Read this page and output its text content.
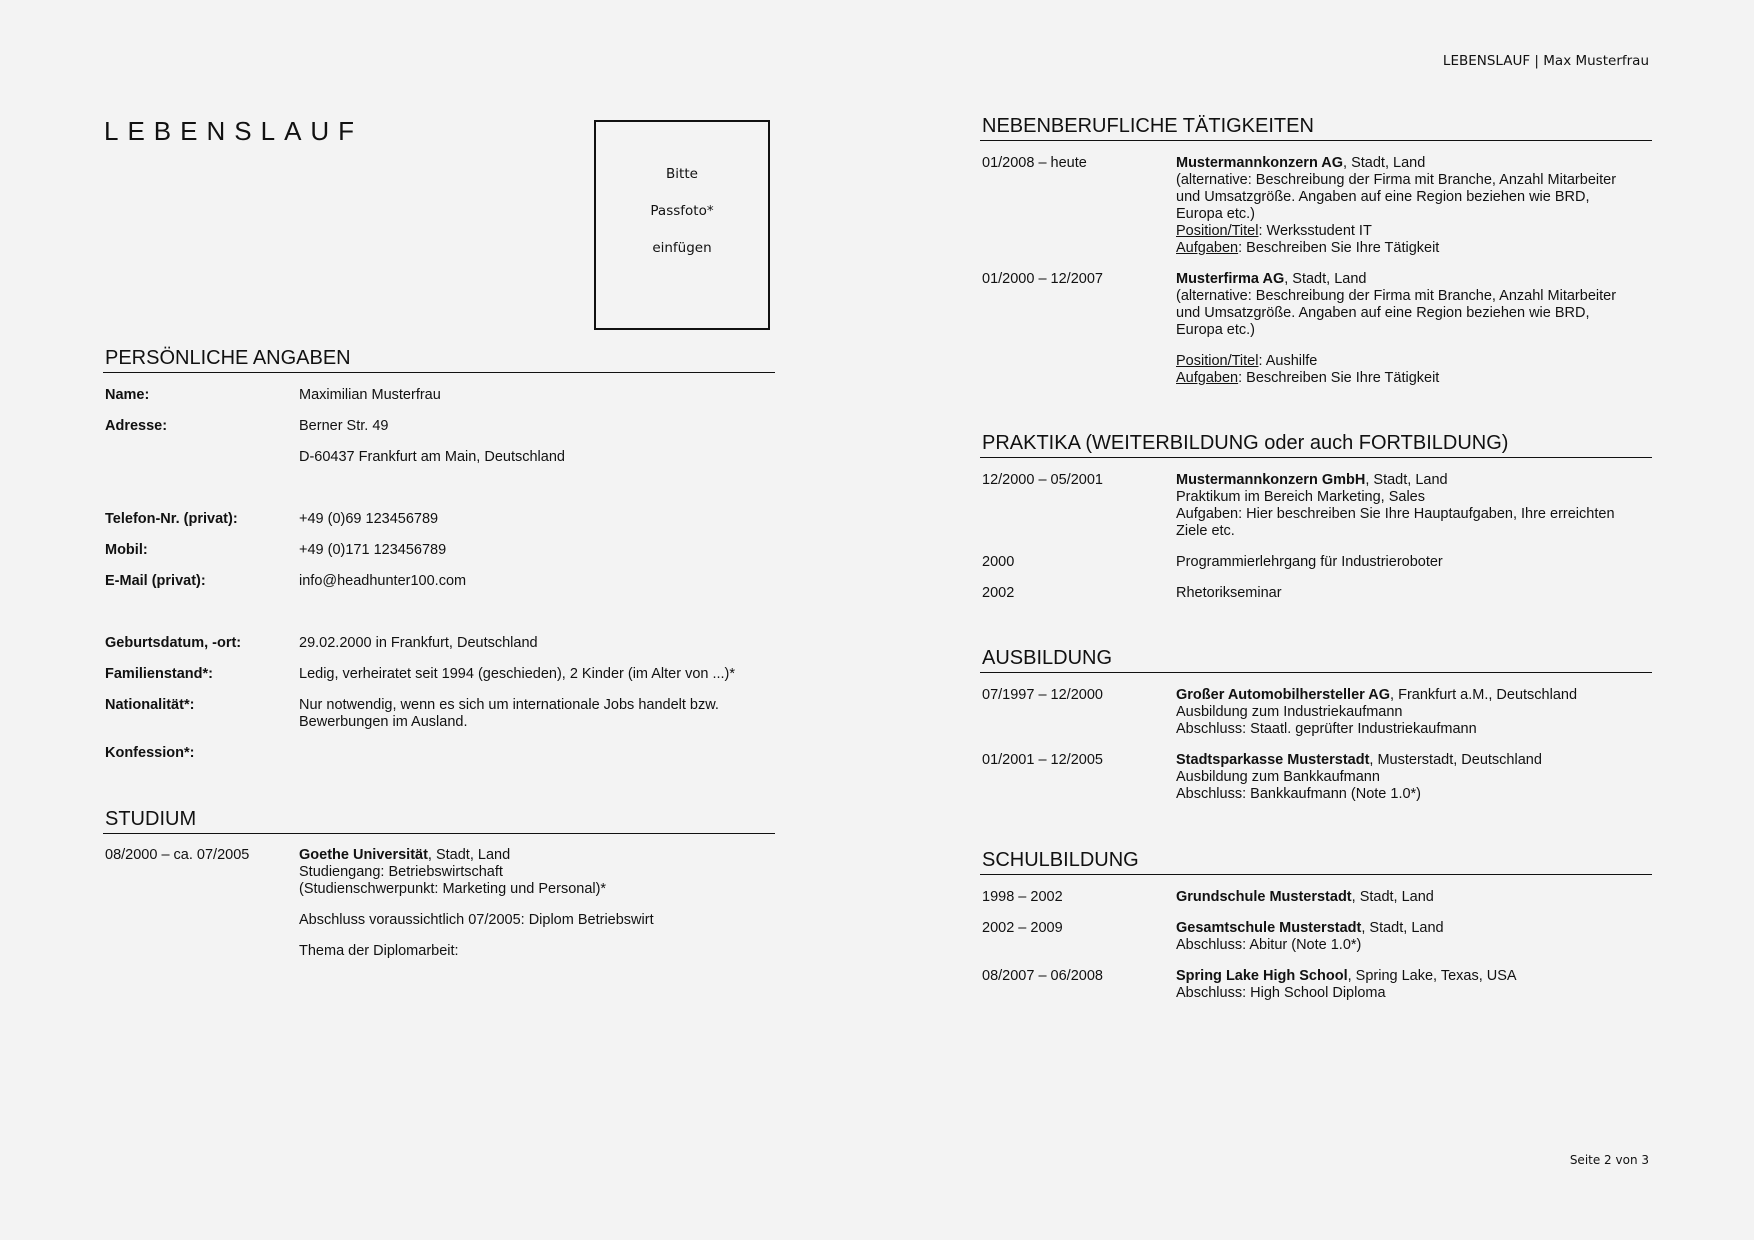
LEBENSLAUF | Max Musterfrau
LEBENSLAUF
Bitte
Passfoto*
einfügen
PERSÖNLICHE ANGABEN
Name:	Maximilian Musterfrau
Adresse:	Berner Str. 49
D-60437 Frankfurt am Main, Deutschland
Telefon-Nr. (privat):	+49 (0)69 123456789
Mobil:	+49 (0)171 123456789
E-Mail (privat):	info@headhunter100.com
Geburtsdatum, -ort:	29.02.2000 in Frankfurt, Deutschland
Familienstand*:	Ledig, verheiratet seit 1994 (geschieden), 2 Kinder (im Alter von ...)*
Nationalität*:	Nur notwendig, wenn es sich um internationale Jobs handelt bzw.
Bewerbungen im Ausland.
Konfession*:
STUDIUM
08/2000 – ca. 07/2005	Goethe Universität, Stadt, Land
Studiengang: Betriebswirtschaft
(Studienschwerpunkt: Marketing und Personal)*
Abschluss voraussichtlich 07/2005: Diplom Betriebswirt
Thema der Diplomarbeit:
NEBENBERUFLICHE TÄTIGKEITEN
01/2008 – heute	Mustermannkonzern AG, Stadt, Land
(alternative: Beschreibung der Firma mit Branche, Anzahl Mitarbeiter
und Umsatzgröße. Angaben auf eine Region beziehen wie BRD,
Europa etc.)
Position/Titel: Werksstudent IT
Aufgaben: Beschreiben Sie Ihre Tätigkeit
01/2000 – 12/2007	Musterfirma AG, Stadt, Land
(alternative: Beschreibung der Firma mit Branche, Anzahl Mitarbeiter
und Umsatzgröße. Angaben auf eine Region beziehen wie BRD,
Europa etc.)
Position/Titel: Aushilfe
Aufgaben: Beschreiben Sie Ihre Tätigkeit
PRAKTIKA (WEITERBILDUNG oder auch FORTBILDUNG)
12/2000 – 05/2001	Mustermannkonzern GmbH, Stadt, Land
Praktikum im Bereich Marketing, Sales
Aufgaben: Hier beschreiben Sie Ihre Hauptaufgaben, Ihre erreichten
Ziele etc.
2000	Programmierlehrgang für Industrieroboter
2002	Rhetorikseminar
AUSBILDUNG
07/1997 – 12/2000	Großer Automobilhersteller AG, Frankfurt a.M., Deutschland
Ausbildung zum Industriekaufmann
Abschluss: Staatl. geprüfter Industriekaufmann
01/2001 – 12/2005	Stadtsparkasse Musterstadt, Musterstadt, Deutschland
Ausbildung zum Bankkaufmann
Abschluss: Bankkaufmann (Note 1.0*)
SCHULBILDUNG
1998 – 2002	Grundschule Musterstadt, Stadt, Land
2002 – 2009	Gesamtschule Musterstadt, Stadt, Land
Abschluss: Abitur (Note 1.0*)
08/2007 – 06/2008	Spring Lake High School, Spring Lake, Texas, USA
Abschluss: High School Diploma
Seite 2 von 3
